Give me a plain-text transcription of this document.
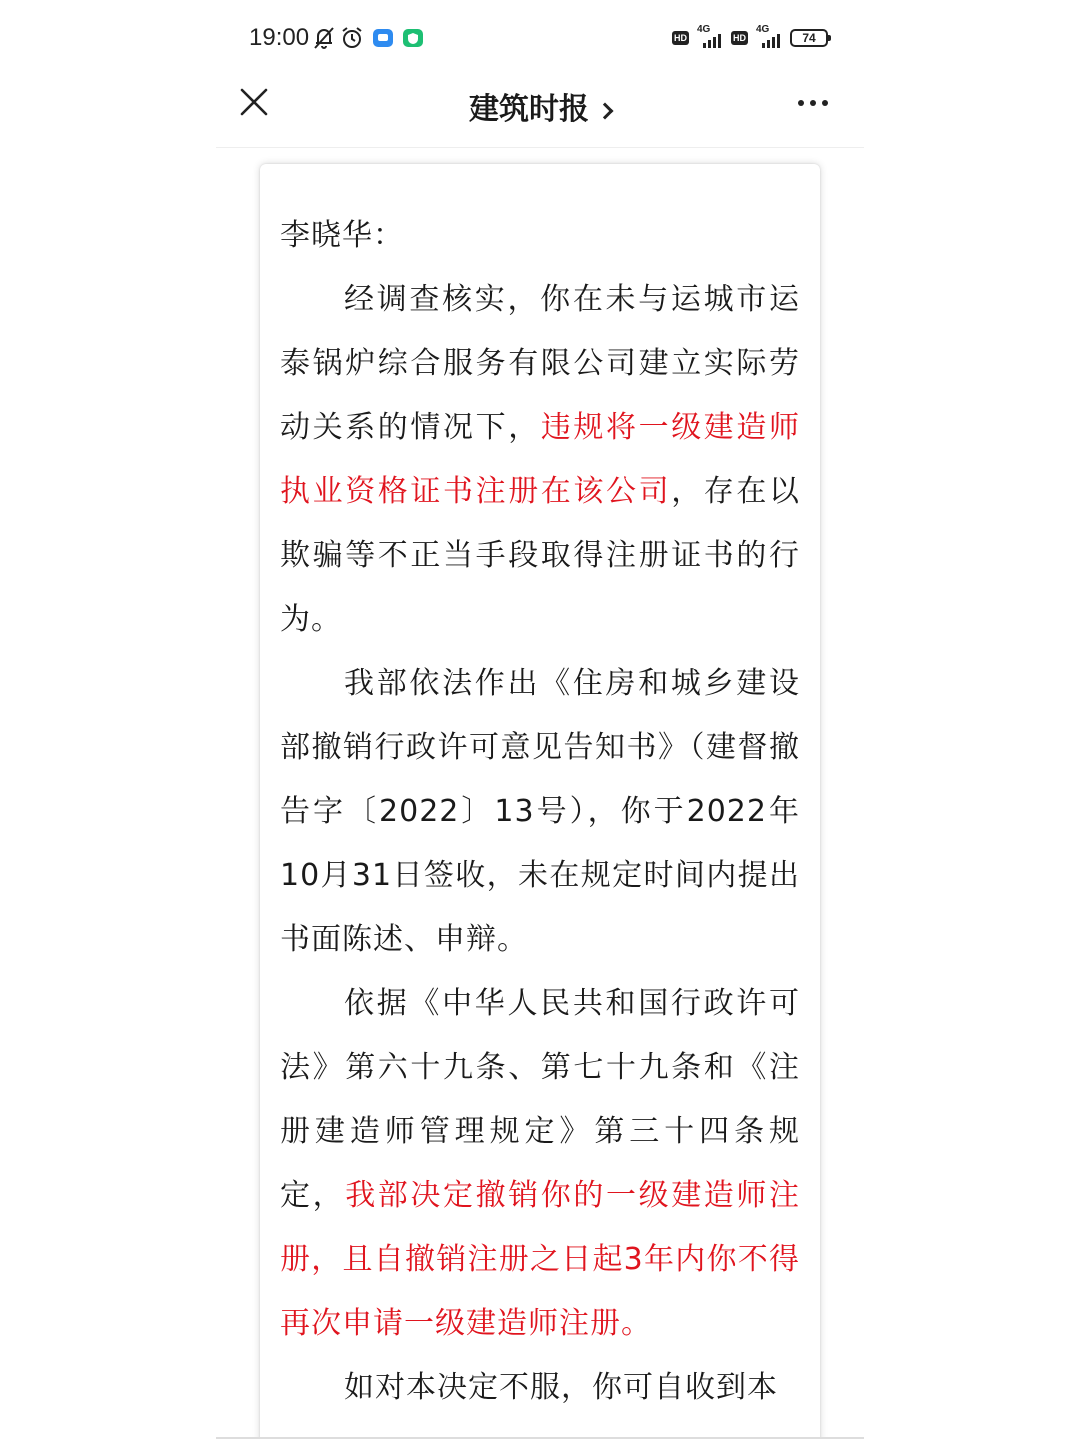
19:00	HD
4G
HD
4G
74
建筑时报

李晓华：

经调查核实，你在未与运城市运泰锅炉综合服务有限公司建立实际劳动关系的情况下，违规将一级建造师执业资格证书注册在该公司，存在以欺骗等不正当手段取得注册证书的行为。

我部依法作出《住房和城乡建设部撤销行政许可意见告知书》（建督撤告字〔2022〕13号），你于2022年10月31日签收，未在规定时间内提出书面陈述、申辩。

依据《中华人民共和国行政许可法》第六十九条、第七十九条和《注册建造师管理规定》第三十四条规定，我部决定撤销你的一级建造师注册，且自撤销注册之日起3年内你不得再次申请一级建造师注册。

如对本决定不服，你可自收到本
